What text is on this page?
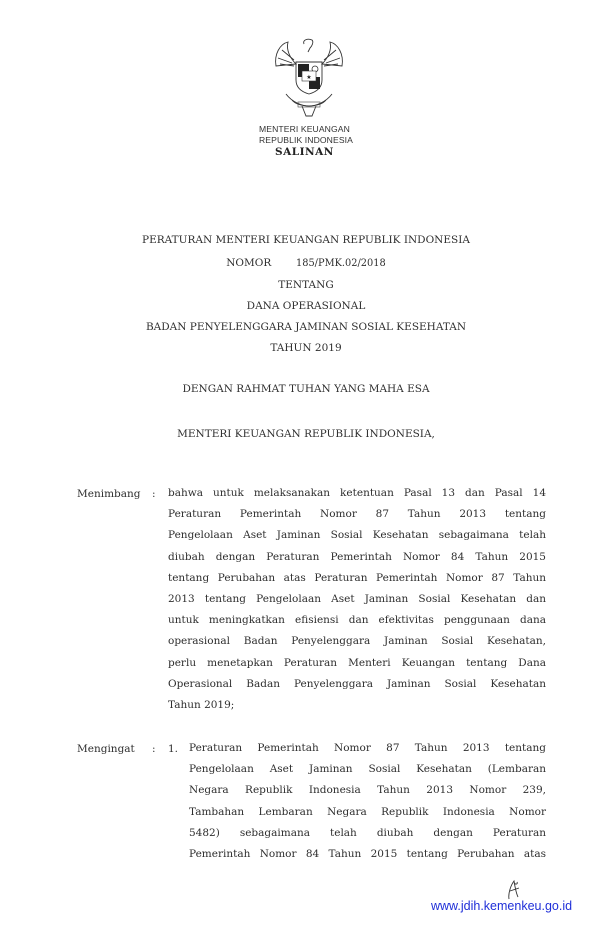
★
MENTERI KEUANGAN
REPUBLIK INDONESIA
SALINAN
PERATURAN MENTERI KEUANGAN REPUBLIK INDONESIA
NOMOR	185/PMK.02/2018
TENTANG
DANA OPERASIONAL
BADAN PENYELENGGARA JAMINAN SOSIAL KESEHATAN
TAHUN 2019
DENGAN RAHMAT TUHAN YANG MAHA ESA
MENTERI KEUANGAN REPUBLIK INDONESIA,
Menimbang : bahwa untuk melaksanakan ketentuan Pasal 13 dan Pasal 14
Peraturan Pemerintah Nomor 87 Tahun 2013 tentang
Pengelolaan Aset Jaminan Sosial Kesehatan sebagaimana telah
diubah dengan Peraturan Pemerintah Nomor 84 Tahun 2015
tentang Perubahan atas Peraturan Pemerintah Nomor 87 Tahun
2013 tentang Pengelolaan Aset Jaminan Sosial Kesehatan dan
untuk meningkatkan efisiensi dan efektivitas penggunaan dana
operasional Badan Penyelenggara Jaminan Sosial Kesehatan,
perlu menetapkan Peraturan Menteri Keuangan tentang Dana
Operasional Badan Penyelenggara Jaminan Sosial Kesehatan
Tahun 2019;
Mengingat : 1. Peraturan Pemerintah Nomor 87 Tahun 2013 tentang
Pengelolaan Aset Jaminan Sosial Kesehatan (Lembaran
Negara Republik Indonesia Tahun 2013 Nomor 239,
Tambahan Lembaran Negara Republik Indonesia Nomor
5482) sebagaimana telah diubah dengan Peraturan
Pemerintah Nomor 84 Tahun 2015 tentang Perubahan atas
www.jdih.kemenkeu.go.id
